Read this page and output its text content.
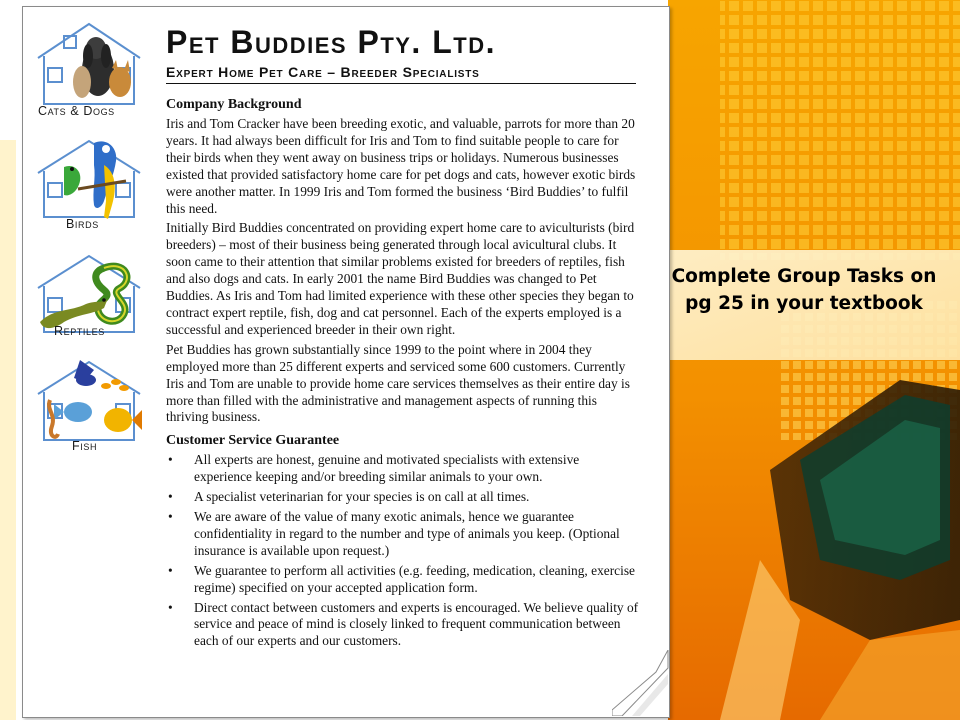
Cats & Dogs
Birds
Reptiles
Fish
Pet Buddies Pty. Ltd.
Expert Home Pet Care – Breeder Specialists
Company Background

Iris and Tom Cracker have been breeding exotic, and valuable, parrots for more than 20 years. It had always been difficult for Iris and Tom to find suitable people to care for their birds when they went away on business trips or holidays. Numerous businesses existed that provided satisfactory home care for pet dogs and cats, however exotic birds were another matter. In 1999 Iris and Tom formed the business ‘Bird Buddies’ to fulfil this need.

Initially Bird Buddies concentrated on providing expert home care to aviculturists (bird breeders) – most of their business being generated through local avicultural clubs. It soon came to their attention that similar problems existed for breeders of reptiles, fish and also dogs and cats. In early 2001 the name Bird Buddies was changed to Pet Buddies. As Iris and Tom had limited experience with these other species they began to contract expert reptile, fish, dog and cat personnel. Each of the experts employed is a successful and experienced breeder in their own right.

Pet Buddies has grown substantially since 1999 to the point where in 2004 they employed more than 25 different experts and serviced some 600 customers. Currently Iris and Tom are unable to provide home care services themselves as their entire day is more than filled with the administrative and management aspects of running this thriving business.

Customer Service Guarantee
•	All experts are honest, genuine and motivated specialists with extensive experience keeping and/or breeding similar animals to your own.
•	A specialist veterinarian for your species is on call at all times.
•	We are aware of the value of many exotic animals, hence we guarantee confidentiality in regard to the number and type of animals you keep. (Optional insurance is available upon request.)
•	We guarantee to perform all activities (e.g. feeding, medication, cleaning, exercise regime) specified on your accepted application form.
•	Direct contact between customers and experts is encouraged. We believe quality of service and peace of mind is closely linked to frequent communication between each of our experts and our customers.
Complete Group Tasks on pg 25 in your textbook
